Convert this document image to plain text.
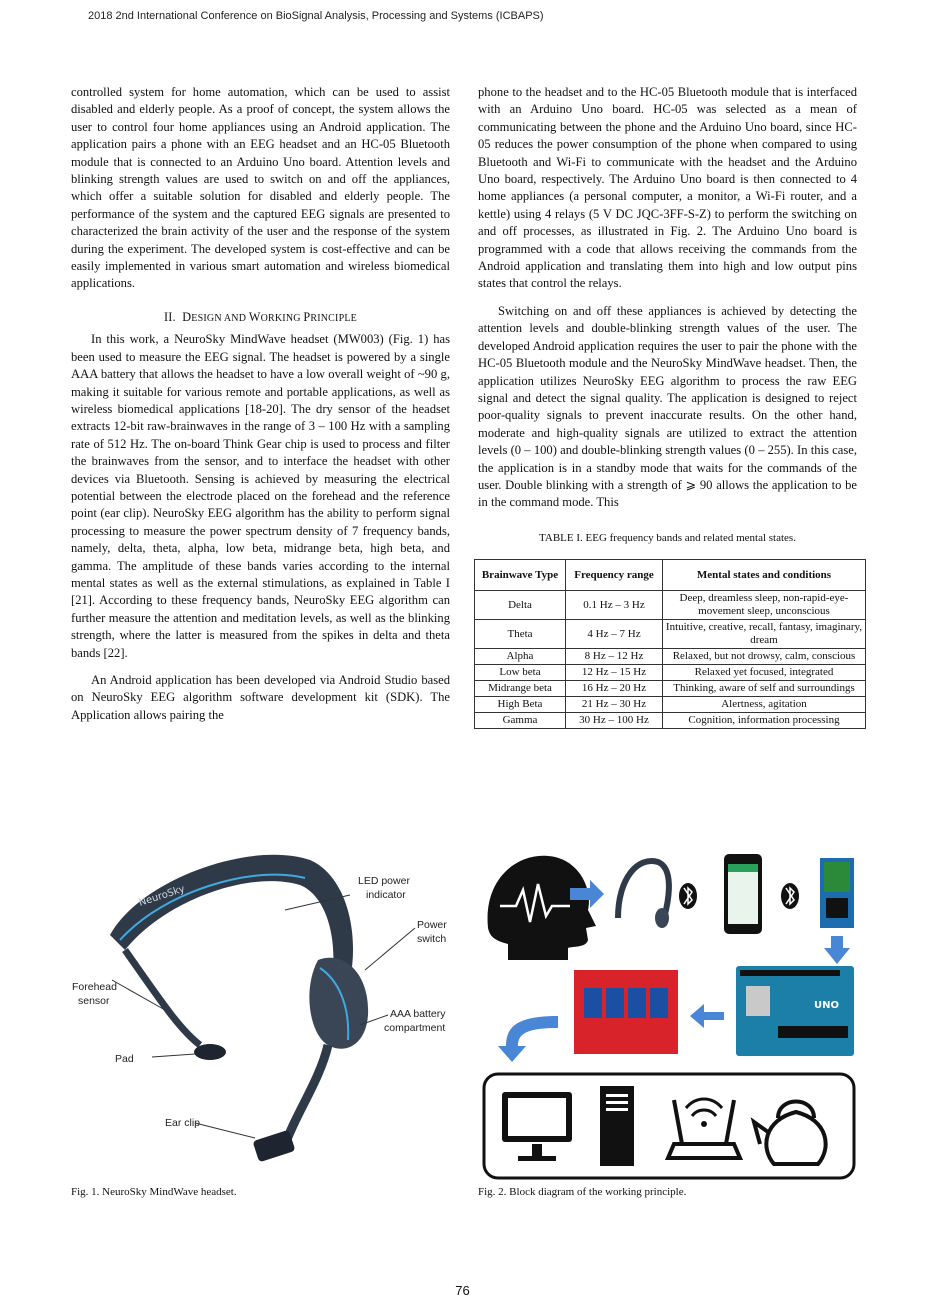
2018 2nd International Conference on BioSignal Analysis, Processing and Systems (ICBAPS)

controlled system for home automation, which can be used to assist disabled and elderly people. As a proof of concept, the system allows the user to control four home appliances using an Android application. The application pairs a phone with an EEG headset and an HC-05 Bluetooth module that is connected to an Arduino Uno board. Attention levels and blinking strength values are used to switch on and off the appliances, which offer a suitable solution for disabled and elderly people. The performance of the system and the captured EEG signals are presented to characterized the brain activity of the user and the response of the system during the experiment. The developed system is cost-effective and can be easily implemented in various smart automation and wireless biomedical applications.

II. DESIGN AND WORKING PRINCIPLE

In this work, a NeuroSky MindWave headset (MW003) (Fig. 1) has been used to measure the EEG signal. The headset is powered by a single AAA battery that allows the headset to have a low overall weight of ~90 g, making it suitable for various remote and portable applications, as well as wireless biomedical applications [18-20]. The dry sensor of the headset extracts 12-bit raw-brainwaves in the range of 3 – 100 Hz with a sampling rate of 512 Hz. The on-board Think Gear chip is used to process and filter the brainwaves from the sensor, and to interface the headset with other devices via Bluetooth. Sensing is achieved by measuring the electrical potential between the electrode placed on the forehead and the reference point (ear clip). NeuroSky EEG algorithm has the ability to perform signal processing to measure the power spectrum density of 7 frequency bands, namely, delta, theta, alpha, low beta, midrange beta, high beta, and gamma. The amplitude of these bands varies according to the internal mental states as well as the external stimulations, as explained in Table I [21]. According to these frequency bands, NeuroSky EEG algorithm can further measure the attention and meditation levels, as well as the blinking strength, where the latter is measured from the spikes in delta and theta bands [22].

An Android application has been developed via Android Studio based on NeuroSky EEG algorithm software development kit (SDK). The Application allows pairing the

phone to the headset and to the HC-05 Bluetooth module that is interfaced with an Arduino Uno board. HC-05 was selected as a mean of communicating between the phone and the Arduino Uno board, since HC-05 reduces the power consumption of the phone when compared to using Bluetooth and Wi-Fi to communicate with the headset and the Arduino Uno board, respectively. The Arduino Uno board is then connected to 4 home appliances (a personal computer, a monitor, a Wi-Fi router, and a kettle) using 4 relays (5 V DC JQC-3FF-S-Z) to perform the switching on and off processes, as illustrated in Fig. 2. The Arduino Uno board is programmed with a code that allows receiving the commands from the Android application and translating them into high and low output pins states that control the relays.

Switching on and off these appliances is achieved by detecting the attention levels and double-blinking strength values of the user. The developed Android application requires the user to pair the phone with the HC-05 Bluetooth module and the NeuroSky MindWave headset. Then, the application utilizes NeuroSky EEG algorithm to process the raw EEG signal and detect the signal quality. The application is designed to reject poor-quality signals to prevent inaccurate results. On the other hand, moderate and high-quality signals are utilized to extract the attention levels (0 – 100) and double-blinking strength values (0 – 255). In this case, the application is in a standby mode that waits for the commands of the user. Double blinking with a strength of ⩾ 90 allows the application to be in the command mode. This

TABLE I. EEG frequency bands and related mental states.
Brainwave Type	Frequency range	Mental states and conditions
Delta	0.1 Hz – 3 Hz	Deep, dreamless sleep, non-rapid-eye-movement sleep, unconscious
Theta	4 Hz – 7 Hz	Intuitive, creative, recall, fantasy, imaginary, dream
Alpha	8 Hz – 12 Hz	Relaxed, but not drowsy, calm, conscious
Low beta	12 Hz – 15 Hz	Relaxed yet focused, integrated
Midrange beta	16 Hz – 20 Hz	Thinking, aware of self and surroundings
High Beta	21 Hz – 30 Hz	Alertness, agitation
Gamma	30 Hz – 100 Hz	Cognition, information processing
NeuroSky
LED power
indicator
Power
switch
Forehead
sensor
AAA battery
compartment
Pad
Ear clip
Fig. 1. NeuroSky MindWave headset.
UNO
Fig. 2. Block diagram of the working principle.
76
